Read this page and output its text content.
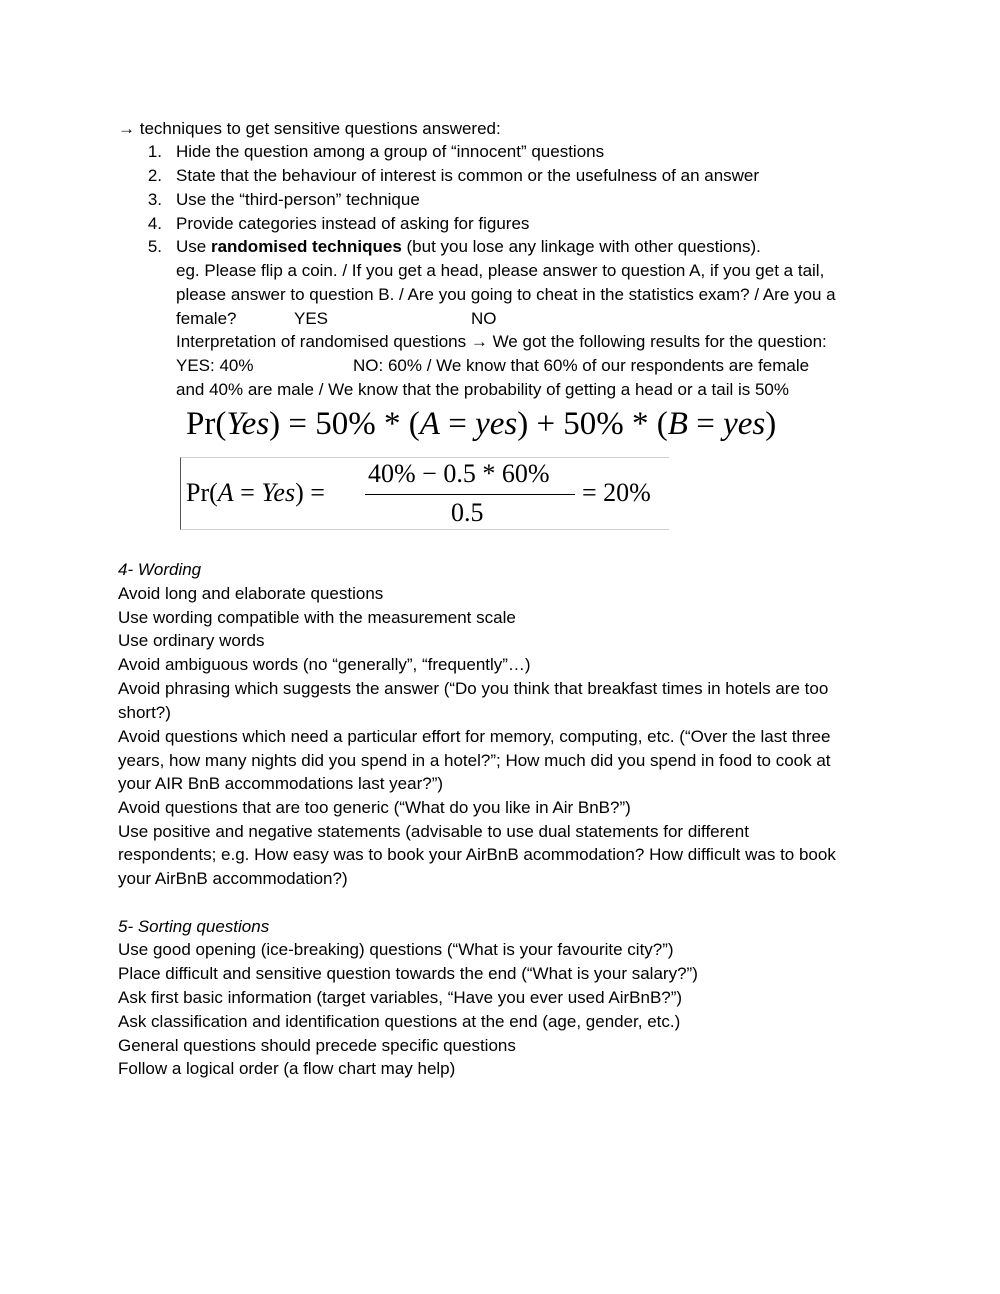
→ techniques to get sensitive questions answered:
1. Hide the question among a group of “innocent” questions
2. State that the behaviour of interest is common or the usefulness of an answer
3. Use the “third-person” technique
4. Provide categories instead of asking for figures
5. Use randomised techniques (but you lose any linkage with other questions).
eg. Please flip a coin. / If you get a head, please answer to question A, if you get a tail,
please answer to question B. / Are you going to cheat in the statistics exam? / Are you a
female?	YES	NO
Interpretation of randomised questions → We got the following results for the question:
YES: 40%	NO: 60% / We know that 60% of our respondents are female
and 40% are male / We know that the probability of getting a head or a tail is 50%
Pr(Yes) = 50% * (A = yes) + 50% * (B = yes)
Pr(A = Yes) =
40% − 0.5 * 60%
0.5
= 20%
4- Wording
Avoid long and elaborate questions
Use wording compatible with the measurement scale
Use ordinary words
Avoid ambiguous words (no “generally”, “frequently”…)
Avoid phrasing which suggests the answer (“Do you think that breakfast times in hotels are too
short?)
Avoid questions which need a particular effort for memory, computing, etc. (“Over the last three
years, how many nights did you spend in a hotel?”; How much did you spend in food to cook at
your AIR BnB accommodations last year?”)
Avoid questions that are too generic (“What do you like in Air BnB?”)
Use positive and negative statements (advisable to use dual statements for different
respondents; e.g. How easy was to book your AirBnB acommodation? How difficult was to book
your AirBnB accommodation?)
5- Sorting questions
Use good opening (ice-breaking) questions (“What is your favourite city?”)
Place difficult and sensitive question towards the end (“What is your salary?”)
Ask first basic information (target variables, “Have you ever used AirBnB?”)
Ask classification and identification questions at the end (age, gender, etc.)
General questions should precede specific questions
Follow a logical order (a flow chart may help)
